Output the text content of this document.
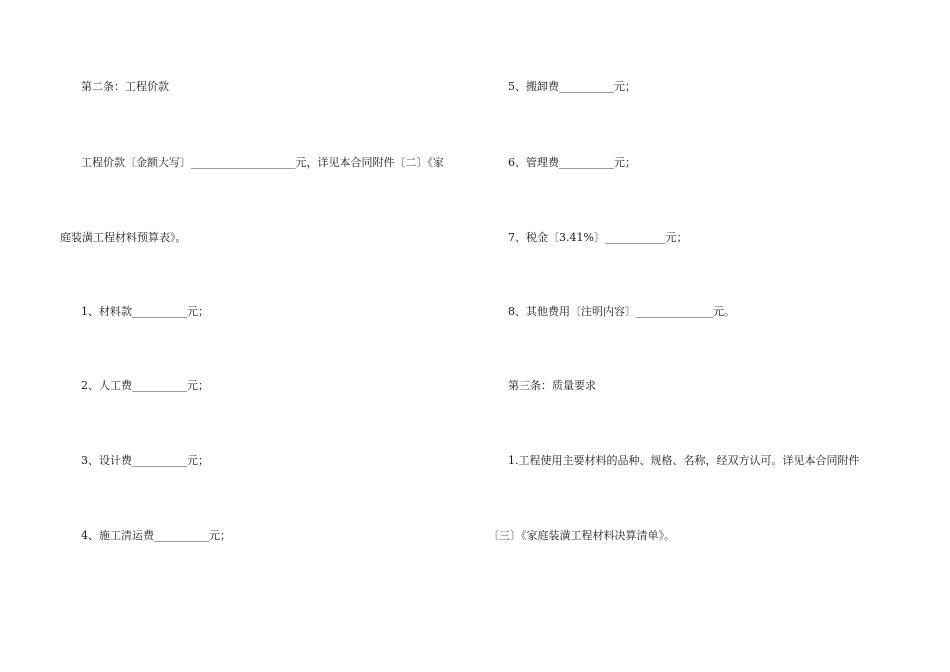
第二条：工程价款
工程价款〔金额大写〕___________________元，详见本合同附件〔二〕《家
庭装潢工程材料预算表》。
1、材料款__________元；
2、人工费__________元；
3、设计费__________元；
4、施工清运费__________元；
5、搬卸费__________元；
6、管理费__________元；
7、税金〔3.41%〕___________元；
8、其他费用〔注明内容〕______________元。
第三条：质量要求
1.工程使用主要材料的品种、规格、名称，经双方认可。详见本合同附件
〔三〕《家庭装潢工程材料决算清单》。
